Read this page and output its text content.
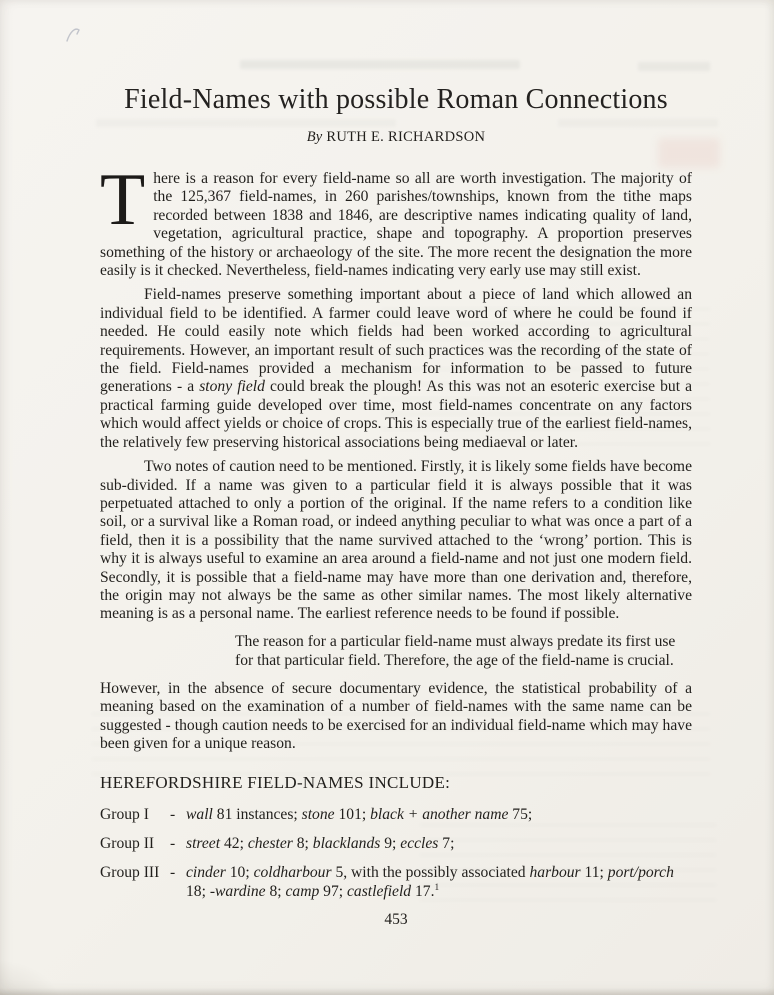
Field-Names with possible Roman Connections
By RUTH E. RICHARDSON

There is a reason for every field-name so all are worth investigation. The majority of the 125,367 field-names, in 260 parishes/townships, known from the tithe maps recorded between 1838 and 1846, are descriptive names indicating quality of land, vegetation, agricultural practice, shape and topography. A proportion preserves something of the history or archaeology of the site. The more recent the designation the more easily is it checked. Nevertheless, field-names indicating very early use may still exist.

Field-names preserve something important about a piece of land which allowed an individual field to be identified. A farmer could leave word of where he could be found if needed. He could easily note which fields had been worked according to agricultural requirements. However, an important result of such practices was the recording of the state of the field. Field-names provided a mechanism for information to be passed to future generations - a stony field could break the plough! As this was not an esoteric exercise but a practical farming guide developed over time, most field-names concentrate on any factors which would affect yields or choice of crops. This is especially true of the earliest field-names, the relatively few preserving historical associations being mediaeval or later.

Two notes of caution need to be mentioned. Firstly, it is likely some fields have become sub-divided. If a name was given to a particular field it is always possible that it was perpetuated attached to only a portion of the original. If the name refers to a condition like soil, or a survival like a Roman road, or indeed anything peculiar to what was once a part of a field, then it is a possibility that the name survived attached to the ‘wrong’ portion. This is why it is always useful to examine an area around a field-name and not just one modern field. Secondly, it is possible that a field-name may have more than one derivation and, therefore, the origin may not always be the same as other similar names. The most likely alternative meaning is as a personal name. The earliest reference needs to be found if possible.

The reason for a particular field-name must always predate its first use
for that particular field. Therefore, the age of the field-name is crucial.

However, in the absence of secure documentary evidence, the statistical probability of a meaning based on the examination of a number of field-names with the same name can be suggested - though caution needs to be exercised for an individual field-name which may have been given for a unique reason.

HEREFORDSHIRE FIELD-NAMES INCLUDE:
Group I	- wall 81 instances; stone 101; black + another name 75;
Group II	- street 42; chester 8; blacklands 9; eccles 7;
Group III - cinder 10; coldharbour 5, with the possibly associated harbour 11; port/porch 18; -wardine 8; camp 97; castlefield 17.$^1$
453
